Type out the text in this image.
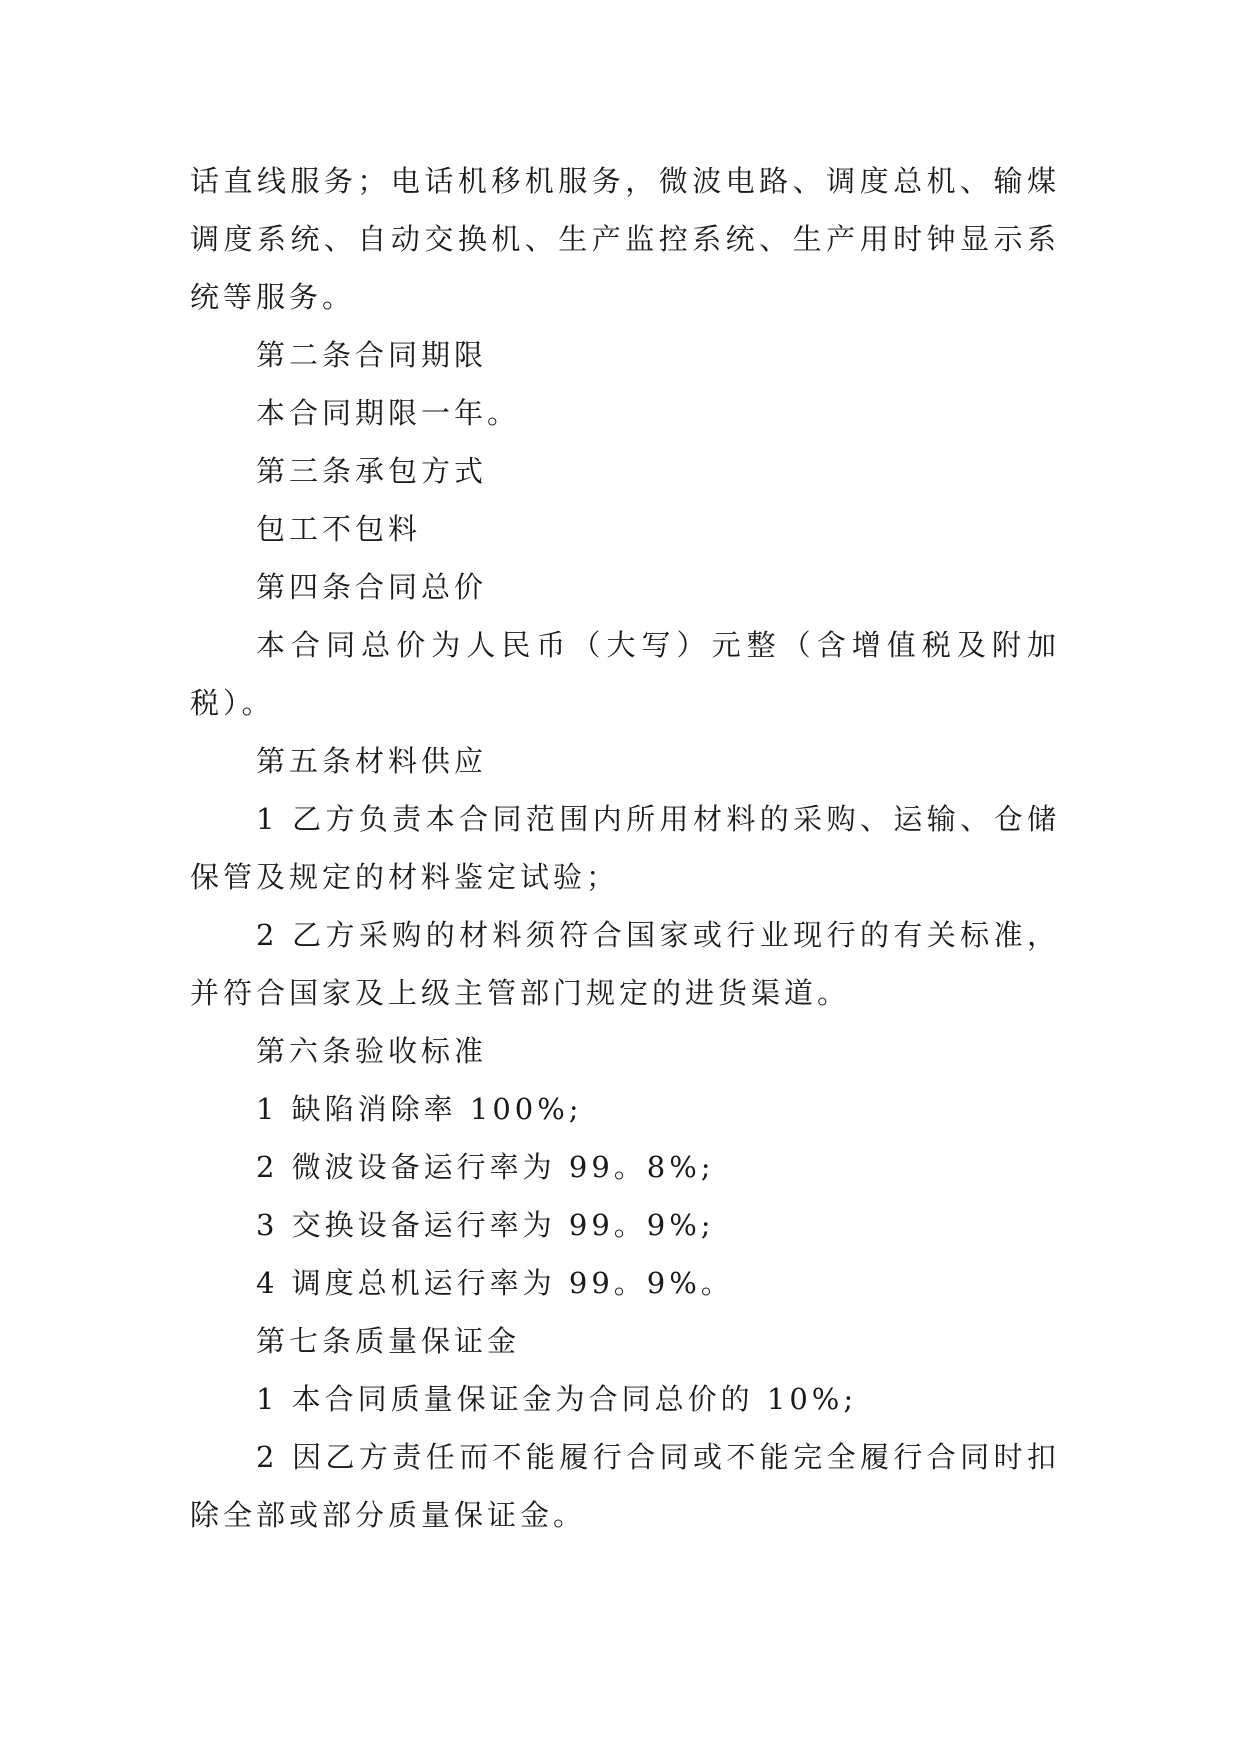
话直线服务；电话机移机服务，微波电路、调度总机、输煤调度系统、自动交换机、生产监控系统、生产用时钟显示系统等服务。

第二条合同期限

本合同期限一年。

第三条承包方式

包工不包料

第四条合同总价

本合同总价为人民币（大写）元整（含增值税及附加税）。

第五条材料供应

1 乙方负责本合同范围内所用材料的采购、运输、仓储保管及规定的材料鉴定试验；

2 乙方采购的材料须符合国家或行业现行的有关标准，并符合国家及上级主管部门规定的进货渠道。

第六条验收标准

1 缺陷消除率 100%;

2 微波设备运行率为 99。8%;

3 交换设备运行率为 99。9%;

4 调度总机运行率为 99。9%。

第七条质量保证金

1 本合同质量保证金为合同总价的 10%;

2 因乙方责任而不能履行合同或不能完全履行合同时扣除全部或部分质量保证金。
